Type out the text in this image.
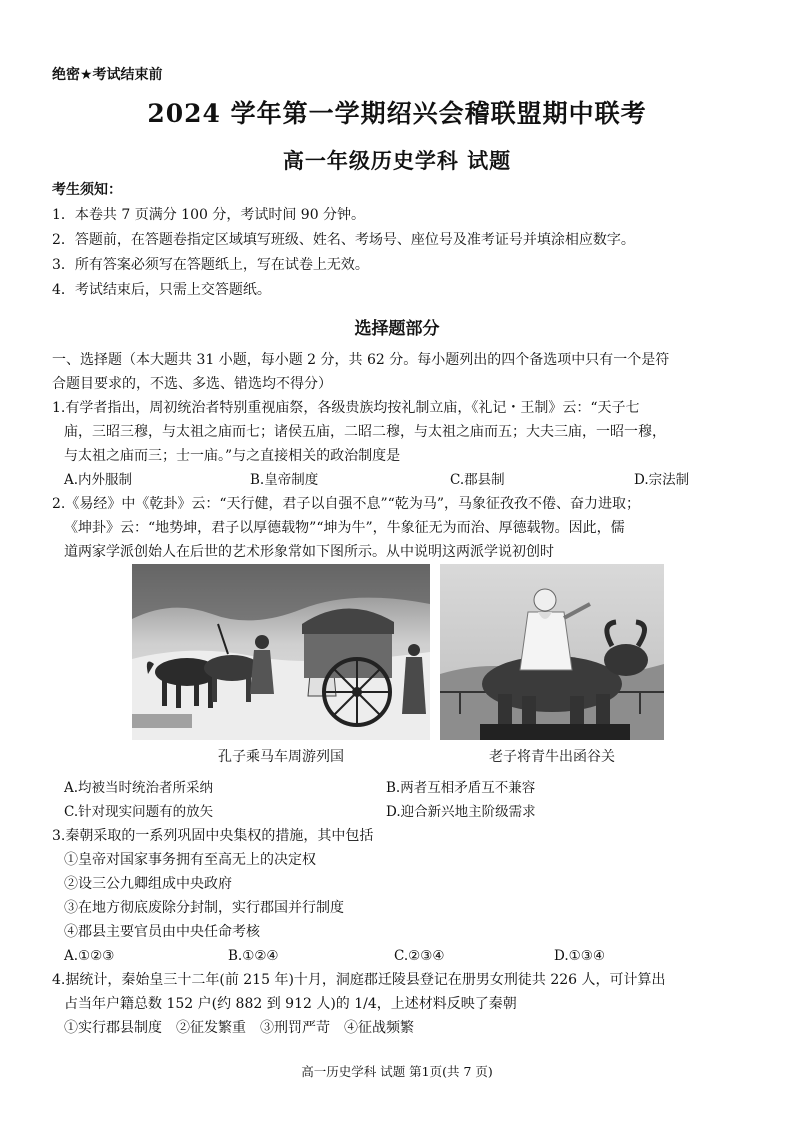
绝密★考试结束前
2024 学年第一学期绍兴会稽联盟期中联考
高一年级历史学科 试题
考生须知：
1．本卷共 7 页满分 100 分，考试时间 90 分钟。
2．答题前，在答题卷指定区域填写班级、姓名、考场号、座位号及准考证号并填涂相应数字。
3．所有答案必须写在答题纸上，写在试卷上无效。
4．考试结束后，只需上交答题纸。
选择题部分
一、选择题（本大题共 31 小题，每小题 2 分，共 62 分。每小题列出的四个备选项中只有一个是符
合题目要求的，不选、多选、错选均不得分）
1.有学者指出，周初统治者特别重视庙祭，各级贵族均按礼制立庙，《礼记・王制》云：“天子七
庙，三昭三穆，与太祖之庙而七；诸侯五庙，二昭二穆，与太祖之庙而五；大夫三庙，一昭一穆，
与太祖之庙而三；士一庙。”与之直接相关的政治制度是
A.内外服制	B.皇帝制度	C.郡县制	D.宗法制
2.《易经》中《乾卦》云：“天行健，君子以自强不息”“乾为马”，马象征孜孜不倦、奋力进取；
《坤卦》云：“地势坤，君子以厚德载物”“坤为牛”，牛象征无为而治、厚德载物。因此，儒
道两家学派创始人在后世的艺术形象常如下图所示。从中说明这两派学说初创时
孔子乘马车周游列国	老子将青牛出函谷关
A.均被当时统治者所采纳	B.两者互相矛盾互不兼容
C.针对现实问题有的放矢	D.迎合新兴地主阶级需求
3.秦朝采取的一系列巩固中央集权的措施，其中包括
①皇帝对国家事务拥有至高无上的决定权
②设三公九卿组成中央政府
③在地方彻底废除分封制，实行郡国并行制度
④郡县主要官员由中央任命考核
A.①②③	B.①②④	C.②③④	D.①③④
4.据统计，秦始皇三十二年(前 215 年)十月，洞庭郡迁陵县登记在册男女刑徒共 226 人，可计算出
占当年户籍总数 152 户(约 882 到 912 人)的 1/4，上述材料反映了秦朝
①实行郡县制度　②征发繁重　③刑罚严苛　④征战频繁
高一历史学科 试题 第1页(共 7 页)
